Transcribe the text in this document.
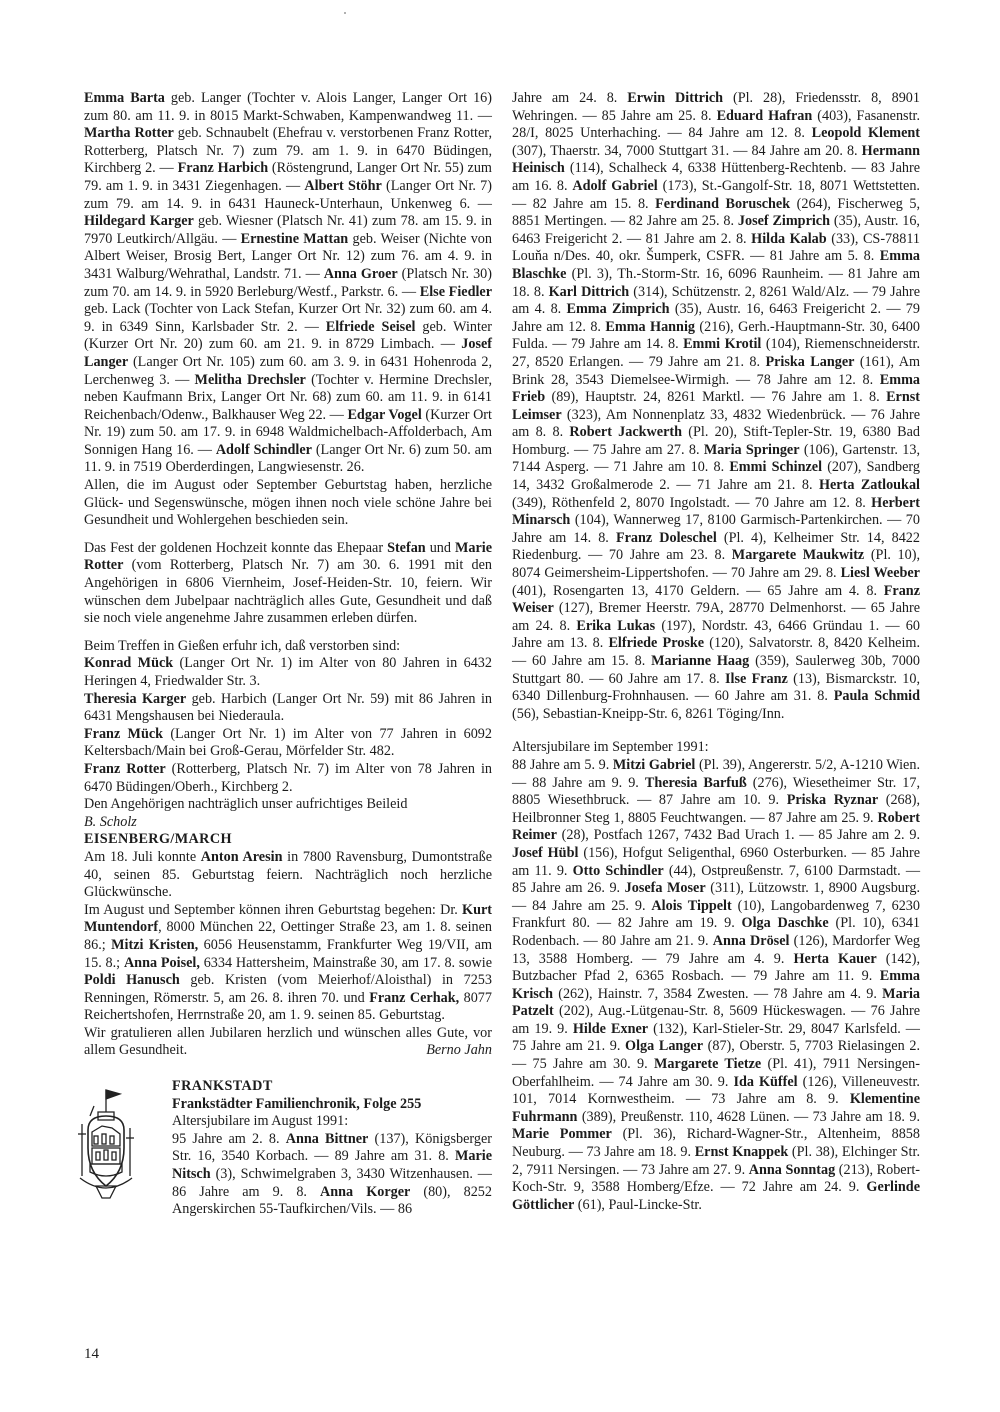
Emma Barta geb. Langer (Tochter v. Alois Langer, Langer Ort 16) zum 80. am 11. 9. in 8015 Markt-Schwaben, Kampenwandweg 11. — Martha Rotter geb. Schnaubelt (Ehefrau v. verstorbenen Franz Rotter, Rotterberg, Platsch Nr. 7) zum 79. am 1. 9. in 6470 Büdingen, Kirchberg 2. — Franz Harbich (Röstengrund, Langer Ort Nr. 55) zum 79. am 1. 9. in 3431 Ziegenhagen. — Albert Stöhr (Langer Ort Nr. 7) zum 79. am 14. 9. in 6431 Hauneck-Unterhaun, Unkenweg 6. — Hildegard Karger geb. Wiesner (Platsch Nr. 41) zum 78. am 15. 9. in 7970 Leutkirch/Allgäu. — Ernestine Mattan geb. Weiser (Nichte von Albert Weiser, Brosig Bert, Langer Ort Nr. 12) zum 76. am 4. 9. in 3431 Walburg/Wehrathal, Landstr. 71. — Anna Groer (Platsch Nr. 30) zum 70. am 14. 9. in 5920 Berleburg/Westf., Parkstr. 6. — Else Fiedler geb. Lack (Tochter von Lack Stefan, Kurzer Ort Nr. 32) zum 60. am 4. 9. in 6349 Sinn, Karlsbader Str. 2. — Elfriede Seisel geb. Winter (Kurzer Ort Nr. 20) zum 60. am 21. 9. in 8729 Limbach. — Josef Langer (Langer Ort Nr. 105) zum 60. am 3. 9. in 6431 Hohenroda 2, Lerchenweg 3. — Melitha Drechsler (Tochter v. Hermine Drechsler, neben Kaufmann Brix, Langer Ort Nr. 68) zum 60. am 11. 9. in 6141 Reichenbach/Odenw., Balkhauser Weg 22. — Edgar Vogel (Kurzer Ort Nr. 19) zum 50. am 17. 9. in 6948 Waldmichelbach-Affolderbach, Am Sonnigen Hang 16. — Adolf Schindler (Langer Ort Nr. 6) zum 50. am 11. 9. in 7519 Oberderdingen, Langwiesenstr. 26.

Allen, die im August oder September Geburtstag haben, herzliche Glück- und Segenswünsche, mögen ihnen noch viele schöne Jahre bei Gesundheit und Wohlergehen beschieden sein.

Das Fest der goldenen Hochzeit konnte das Ehepaar Stefan und Marie Rotter (vom Rotterberg, Platsch Nr. 7) am 30. 6. 1991 mit den Angehörigen in 6806 Viernheim, Josef-Heiden-Str. 10, feiern. Wir wünschen dem Jubelpaar nachträglich alles Gute, Gesundheit und daß sie noch viele angenehme Jahre zusammen erleben dürfen.

Beim Treffen in Gießen erfuhr ich, daß verstorben sind:

Konrad Mück (Langer Ort Nr. 1) im Alter von 80 Jahren in 6432 Heringen 4, Friedwalder Str. 3.

Theresia Karger geb. Harbich (Langer Ort Nr. 59) mit 86 Jahren in 6431 Mengshausen bei Niederaula.

Franz Mück (Langer Ort Nr. 1) im Alter von 77 Jahren in 6092 Keltersbach/Main bei Groß-Gerau, Mörfelder Str. 482.

Franz Rotter (Rotterberg, Platsch Nr. 7) im Alter von 78 Jahren in 6470 Büdingen/Oberh., Kirchberg 2.

Den Angehörigen nachträglich unser aufrichtiges Beileid

B. Scholz

EISENBERG/MARCH

Am 18. Juli konnte Anton Aresin in 7800 Ravensburg, Dumontstraße 40, seinen 85. Geburtstag feiern. Nachträglich noch herzliche Glückwünsche.

Im August und September können ihren Geburtstag begehen: Dr. Kurt Muntendorf, 8000 München 22, Oettinger Straße 23, am 1. 8. seinen 86.; Mitzi Kristen, 6056 Heusenstamm, Frankfurter Weg 19/VII, am 15. 8.; Anna Poisel, 6334 Hattersheim, Mainstraße 30, am 17. 8. sowie Poldi Hanusch geb. Kristen (vom Meierhof/Aloisthal) in 7253 Renningen, Römerstr. 5, am 26. 8. ihren 70. und Franz Cerhak, 8077 Reichertshofen, Herrnstraße 20, am 1. 9. seinen 85. Geburtstag.

Wir gratulieren allen Jubilaren herzlich und wünschen alles Gute, vor allem Gesundheit.	Berno Jahn

FRANKSTADT

Frankstädter Familienchronik, Folge 255

Altersjubilare im August 1991:

95 Jahre am 2. 8. Anna Bittner (137), Königsberger Str. 16, 3540 Korbach. — 89 Jahre am 31. 8. Marie Nitsch (3), Schwimelgraben 3, 3430 Witzenhausen. — 86 Jahre am 9. 8. Anna Korger (80), 8252 Angerskirchen 55-Taufkirchen/Vils. — 86

Jahre am 24. 8. Erwin Dittrich (Pl. 28), Friedensstr. 8, 8901 Wehringen. — 85 Jahre am 25. 8. Eduard Hafran (403), Fasanenstr. 28/I, 8025 Unterhaching. — 84 Jahre am 12. 8. Leopold Klement (307), Thaerstr. 34, 7000 Stuttgart 31. — 84 Jahre am 20. 8. Hermann Heinisch (114), Schalheck 4, 6338 Hüttenberg-Rechtenb. — 83 Jahre am 16. 8. Adolf Gabriel (173), St.-Gangolf-Str. 18, 8071 Wettstetten. — 82 Jahre am 15. 8. Ferdinand Boruschek (264), Fischerweg 5, 8851 Mertingen. — 82 Jahre am 25. 8. Josef Zimprich (35), Austr. 16, 6463 Freigericht 2. — 81 Jahre am 2. 8. Hilda Kalab (33), CS-78811 Louňa n/Des. 40, okr. Šumperk, CSFR. — 81 Jahre am 5. 8. Emma Blaschke (Pl. 3), Th.-Storm-Str. 16, 6096 Raunheim. — 81 Jahre am 18. 8. Karl Dittrich (314), Schützenstr. 2, 8261 Wald/Alz. — 79 Jahre am 4. 8. Emma Zimprich (35), Austr. 16, 6463 Freigericht 2. — 79 Jahre am 12. 8. Emma Hannig (216), Gerh.-Hauptmann-Str. 30, 6400 Fulda. — 79 Jahre am 14. 8. Emmi Krotil (104), Riemenschneiderstr. 27, 8520 Erlangen. — 79 Jahre am 21. 8. Priska Langer (161), Am Brink 28, 3543 Diemelsee-Wirmigh. — 78 Jahre am 12. 8. Emma Frieb (89), Hauptstr. 24, 8261 Marktl. — 76 Jahre am 1. 8. Ernst Leimser (323), Am Nonnenplatz 33, 4832 Wiedenbrück. — 76 Jahre am 8. 8. Robert Jackwerth (Pl. 20), Stift-Tepler-Str. 19, 6380 Bad Homburg. — 75 Jahre am 27. 8. Maria Springer (106), Gartenstr. 13, 7144 Asperg. — 71 Jahre am 10. 8. Emmi Schinzel (207), Sandberg 14, 3432 Großalmerode 2. — 71 Jahre am 21. 8. Herta Zatloukal (349), Röthenfeld 2, 8070 Ingolstadt. — 70 Jahre am 12. 8. Herbert Minarsch (104), Wannerweg 17, 8100 Garmisch-Partenkirchen. — 70 Jahre am 14. 8. Franz Doleschel (Pl. 4), Kelheimer Str. 14, 8422 Riedenburg. — 70 Jahre am 23. 8. Margarete Maukwitz (Pl. 10), 8074 Geimersheim-Lippertshofen. — 70 Jahre am 29. 8. Liesl Weeber (401), Rosengarten 13, 4170 Geldern. — 65 Jahre am 4. 8. Franz Weiser (127), Bremer Heerstr. 79A, 28770 Delmenhorst. — 65 Jahre am 24. 8. Erika Lukas (197), Nordstr. 43, 6466 Gründau 1. — 60 Jahre am 13. 8. Elfriede Proske (120), Salvatorstr. 8, 8420 Kelheim. — 60 Jahre am 15. 8. Marianne Haag (359), Saulerweg 30b, 7000 Stuttgart 80. — 60 Jahre am 17. 8. Ilse Franz (13), Bismarckstr. 10, 6340 Dillenburg-Frohnhausen. — 60 Jahre am 31. 8. Paula Schmid (56), Sebastian-Kneipp-Str. 6, 8261 Töging/Inn.

Altersjubilare im September 1991:

88 Jahre am 5. 9. Mitzi Gabriel (Pl. 39), Angererstr. 5/2, A-1210 Wien. — 88 Jahre am 9. 9. Theresia Barfuß (276), Wiesetheimer Str. 17, 8805 Wiesethbruck. — 87 Jahre am 10. 9. Priska Ryznar (268), Heilbronner Steg 1, 8805 Feuchtwangen. — 87 Jahre am 25. 9. Robert Reimer (28), Postfach 1267, 7432 Bad Urach 1. — 85 Jahre am 2. 9. Josef Hübl (156), Hofgut Seligenthal, 6960 Osterburken. — 85 Jahre am 11. 9. Otto Schindler (44), Ostpreußenstr. 7, 6100 Darmstadt. — 85 Jahre am 26. 9. Josefa Moser (311), Lützowstr. 1, 8900 Augsburg. — 84 Jahre am 25. 9. Alois Tippelt (10), Langobardenweg 7, 6230 Frankfurt 80. — 82 Jahre am 19. 9. Olga Daschke (Pl. 10), 6341 Rodenbach. — 80 Jahre am 21. 9. Anna Drösel (126), Mardorfer Weg 13, 3588 Homberg. — 79 Jahre am 4. 9. Herta Kauer (142), Butzbacher Pfad 2, 6365 Rosbach. — 79 Jahre am 11. 9. Emma Krisch (262), Hainstr. 7, 3584 Zwesten. — 78 Jahre am 4. 9. Maria Patzelt (202), Aug.-Lütgenau-Str. 8, 5609 Hückeswagen. — 76 Jahre am 19. 9. Hilde Exner (132), Karl-Stieler-Str. 29, 8047 Karlsfeld. — 75 Jahre am 21. 9. Olga Langer (87), Oberstr. 5, 7703 Rielasingen 2. — 75 Jahre am 30. 9. Margarete Tietze (Pl. 41), 7911 Nersingen-Oberfahlheim. — 74 Jahre am 30. 9. Ida Küffel (126), Villeneuvestr. 101, 7014 Kornwestheim. — 73 Jahre am 8. 9. Klementine Fuhrmann (389), Preußenstr. 110, 4628 Lünen. — 73 Jahre am 18. 9. Marie Pommer (Pl. 36), Richard-Wagner-Str., Altenheim, 8858 Neuburg. — 73 Jahre am 18. 9. Ernst Knappek (Pl. 38), Elchinger Str. 2, 7911 Nersingen. — 73 Jahre am 27. 9. Anna Sonntag (213), Robert-Koch-Str. 9, 3588 Homberg/Efze. — 72 Jahre am 24. 9. Gerlinde Göttlicher (61), Paul-Lincke-Str.

14
